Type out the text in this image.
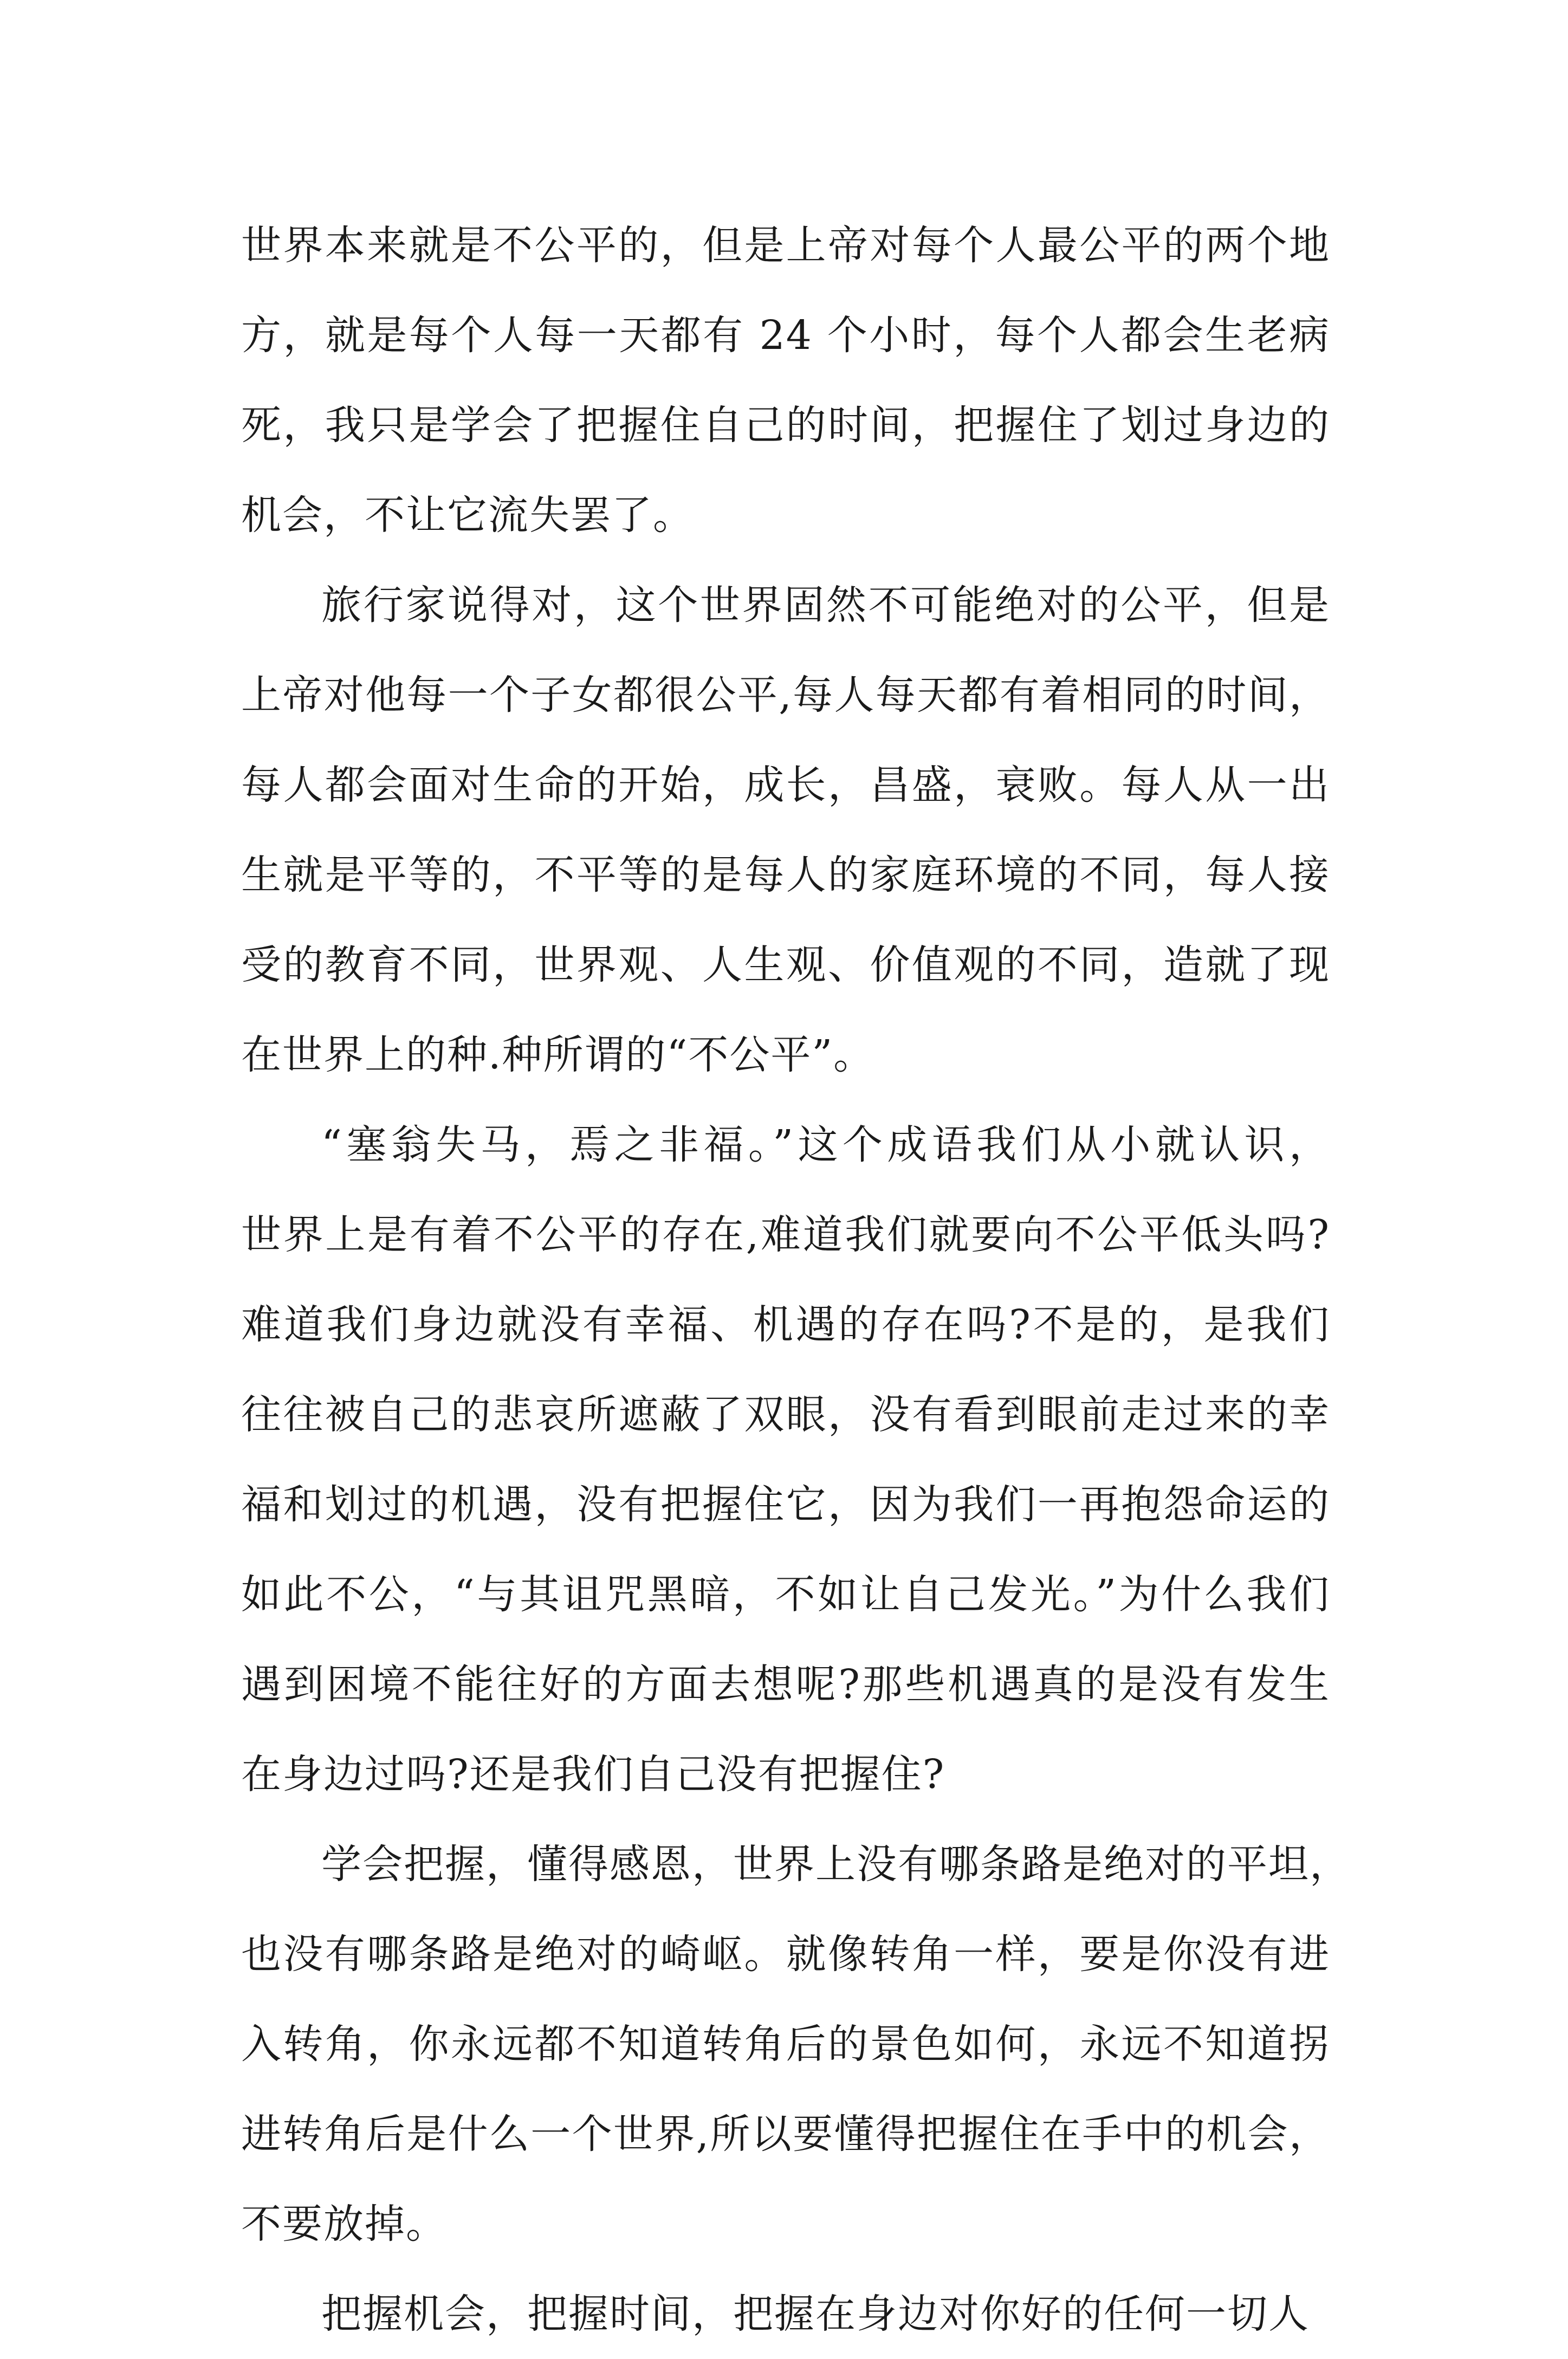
世界本来就是不公平的，但是上帝对每个人最公平的两个地
方，就是每个人每一天都有 24 个小时，每个人都会生老病
死，我只是学会了把握住自己的时间，把握住了划过身边的
机会，不让它流失罢了。
旅行家说得对，这个世界固然不可能绝对的公平，但是
上帝对他每一个子女都很公平,每人每天都有着相同的时间，
每人都会面对生命的开始，成长，昌盛，衰败。每人从一出
生就是平等的，不平等的是每人的家庭环境的不同，每人接
受的教育不同，世界观、人生观、价值观的不同，造就了现
在世界上的种.种所谓的“不公平”。
“塞翁失马，焉之非福。”这个成语我们从小就认识，
世界上是有着不公平的存在,难道我们就要向不公平低头吗?
难道我们身边就没有幸福、机遇的存在吗?不是的，是我们
往往被自己的悲哀所遮蔽了双眼，没有看到眼前走过来的幸
福和划过的机遇，没有把握住它，因为我们一再抱怨命运的
如此不公，“与其诅咒黑暗，不如让自己发光。”为什么我们
遇到困境不能往好的方面去想呢?那些机遇真的是没有发生
在身边过吗?还是我们自己没有把握住?
学会把握，懂得感恩，世界上没有哪条路是绝对的平坦，
也没有哪条路是绝对的崎岖。就像转角一样，要是你没有进
入转角，你永远都不知道转角后的景色如何，永远不知道拐
进转角后是什么一个世界,所以要懂得把握住在手中的机会，
不要放掉。
把握机会，把握时间，把握在身边对你好的任何一切人
